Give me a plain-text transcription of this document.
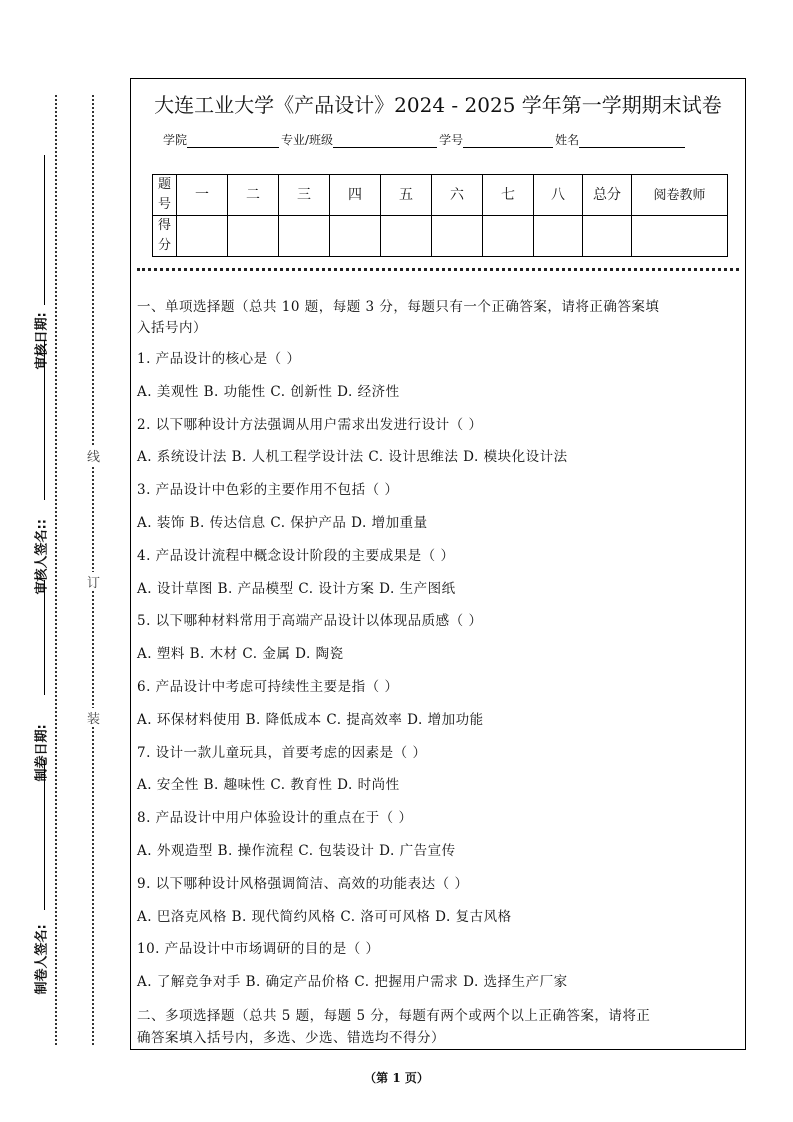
审核日期:
审核人签名::
制卷日期:
制卷人签名:
线
订
装
大连工业大学《产品设计》2024 - 2025 学年第一学期期末试卷
学院	专业/班级	学号	姓名
题号	一	二	三	四	五	六	七	八	总分	阅卷教师
得分										
一、单项选择题（总共 10 题，每题 3 分，每题只有一个正确答案，请将正确答案填
入括号内）
1. 产品设计的核心是（ ）
A. 美观性 B. 功能性 C. 创新性 D. 经济性
2. 以下哪种设计方法强调从用户需求出发进行设计（ ）
A. 系统设计法 B. 人机工程学设计法 C. 设计思维法 D. 模块化设计法
3. 产品设计中色彩的主要作用不包括（ ）
A. 装饰 B. 传达信息 C. 保护产品 D. 增加重量
4. 产品设计流程中概念设计阶段的主要成果是（ ）
A. 设计草图 B. 产品模型 C. 设计方案 D. 生产图纸
5. 以下哪种材料常用于高端产品设计以体现品质感（ ）
A. 塑料 B. 木材 C. 金属 D. 陶瓷
6. 产品设计中考虑可持续性主要是指（ ）
A. 环保材料使用 B. 降低成本 C. 提高效率 D. 增加功能
7. 设计一款儿童玩具，首要考虑的因素是（ ）
A. 安全性 B. 趣味性 C. 教育性 D. 时尚性
8. 产品设计中用户体验设计的重点在于（ ）
A. 外观造型 B. 操作流程 C. 包装设计 D. 广告宣传
9. 以下哪种设计风格强调简洁、高效的功能表达（ ）
A. 巴洛克风格 B. 现代简约风格 C. 洛可可风格 D. 复古风格
10. 产品设计中市场调研的目的是（ ）
A. 了解竞争对手 B. 确定产品价格 C. 把握用户需求 D. 选择生产厂家
二、多项选择题（总共 5 题，每题 5 分，每题有两个或两个以上正确答案，请将正
确答案填入括号内，多选、少选、错选均不得分）
（第 1 页）
